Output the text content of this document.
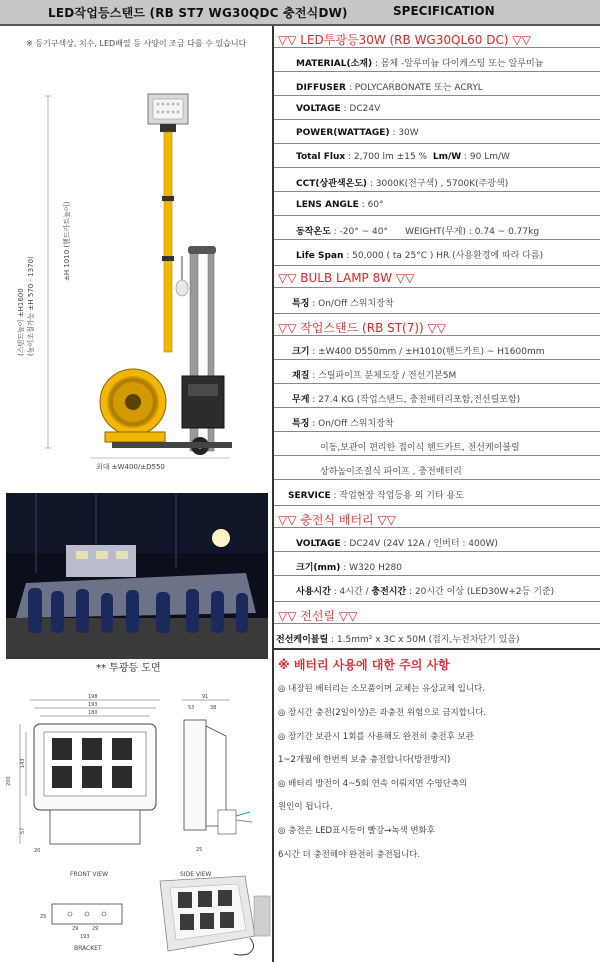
LED작업등스탠드 (RB ST7 WG30QDC 충전식DW)	SPECIFICATION
※ 등기구색상, 치수, LED배열 등 사양이 조금 다를 수 있습니다
(스탠드높이 ±H1600 (높이조절가능 ±H 570 - 1370)
±H 1010 (핸드카트높이)
최대 ±W400/±D550
** 투광등 도면
198
193
180
200
143
57
20
FRONT VIEW
91
53	38
25
SIDE VIEW
29	29
193
25
BRACKET
▽▽ LED투광등30W (RB WG30QL60 DC) ▽▽
MATERIAL(소재) : 몸체 -알루미늄 다이캐스팅 또는 알루미늄
DIFFUSER : POLYCARBONATE 또는 ACRYL
VOLTAGE : DC24V
POWER(WATTAGE) : 30W
Total Flux : 2,700 lm ±15 % Lm/W : 90 Lm/W
CCT(상관색온도) : 3000K(전구색) , 5700K(주광색)
LENS ANGLE : 60°
동작온도 : -20° ~ 40° WEIGHT(무게) : 0.74 ~ 0.77kg
Life Span : 50,000 ( ta 25°C ) HR (사용환경에 따라 다름)
▽▽ BULB LAMP 8W ▽▽
특징 : On/Off 스위치장착
▽▽ 작업스탠드 (RB ST(7)) ▽▽
크기 : ±W400 D550mm / ±H1010(핸드카트) ~ H1600mm
재질 : 스틸파이프 분체도장 / 전선기본5M
무게 : 27.4 KG (작업스탠드, 충전배터리포함,전선릴포함)
특징 : On/Off 스위치장착
이동,보관이 편리한 접이식 핸드카트, 전선케이블릴
상하높이조절식 파이프 , 충전배터리
SERVICE : 작업현장 작업등용 외 기타 용도
▽▽ 충전식 배터리 ▽▽
VOLTAGE : DC24V (24V 12A / 인버터 : 400W)
크기(mm) : W320 H280
사용시간 : 4시간 / 충전시간 : 20시간 이상 (LED30W+2등 기준)
▽▽ 전선릴 ▽▽
전선케이블릴 : 1.5mm² x 3C x 50M (접지,누전차단기 있음)
※ 배터리 사용에 대한 주의 사항
◎ 내장된 배터리는 소모품이며 교체는 유상교체 입니다.
◎ 장시간 충전(2일이상)은 과충전 위험으로 금지합니다.
◎ 장기간 보관시 1회를 사용해도 완전히 충전후 보관
1~2개월에 한번씩 보충 충전합니다(방전방지)
◎ 배터리 방전이 4~5회 연속 이뤄지면 수명단축의
원인이 됩니다.
◎ 충전은 LED표시등이 빨강→녹색 변화후
6시간 더 충전해야 완전히 충전됩니다.
